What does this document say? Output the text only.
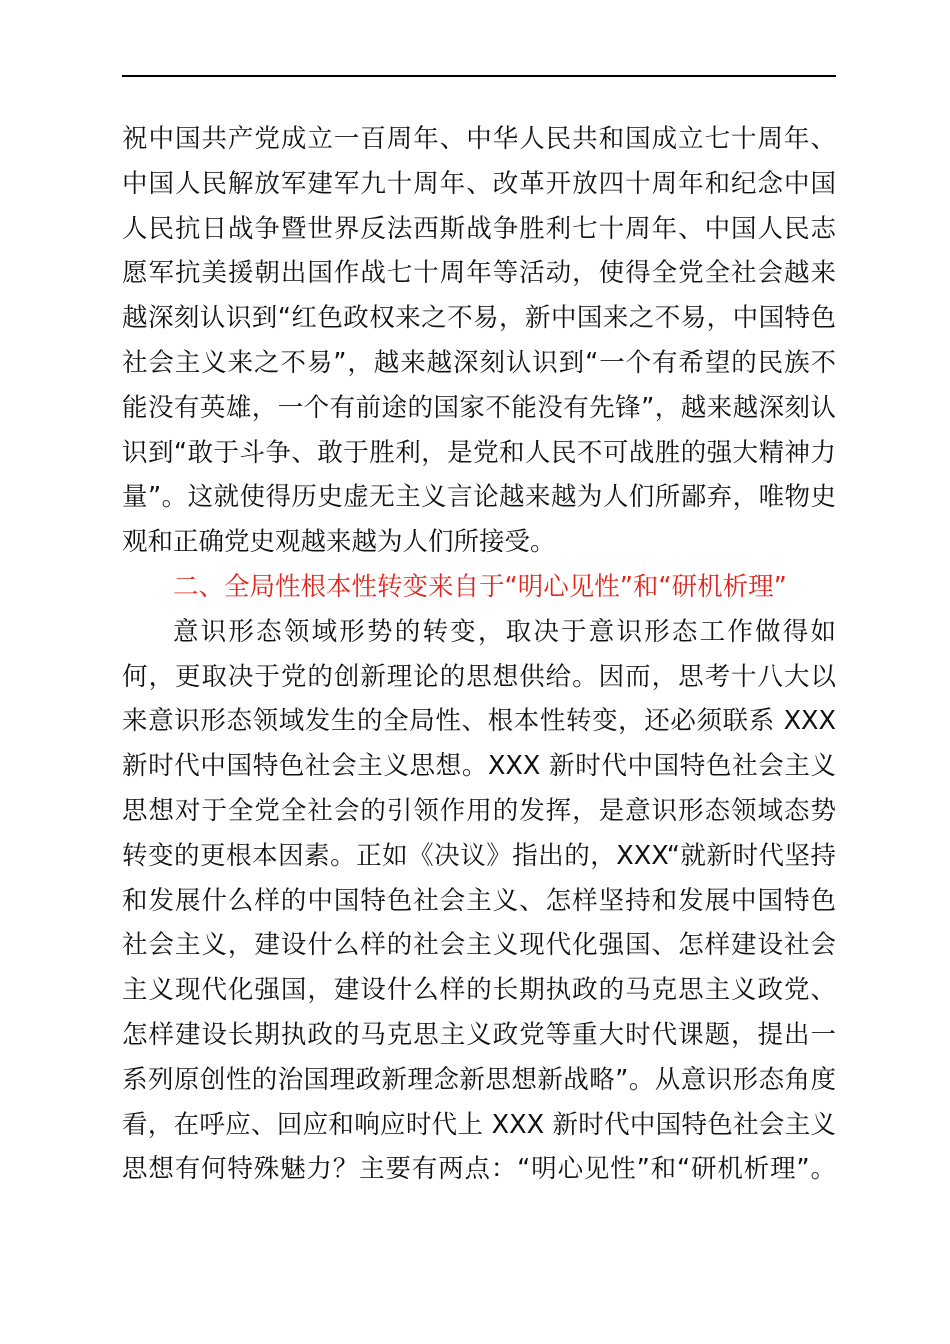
祝中国共产党成立一百周年、中华人民共和国成立七十周年、
中国人民解放军建军九十周年、改革开放四十周年和纪念中国
人民抗日战争暨世界反法西斯战争胜利七十周年、中国人民志
愿军抗美援朝出国作战七十周年等活动，使得全党全社会越来
越深刻认识到“红色政权来之不易，新中国来之不易，中国特色
社会主义来之不易”，越来越深刻认识到“一个有希望的民族不
能没有英雄，一个有前途的国家不能没有先锋”，越来越深刻认
识到“敢于斗争、敢于胜利，是党和人民不可战胜的强大精神力
量”。这就使得历史虚无主义言论越来越为人们所鄙弃，唯物史
观和正确党史观越来越为人们所接受。
二、全局性根本性转变来自于“明心见性”和“研机析理”
意识形态领域形势的转变，取决于意识形态工作做得如
何，更取决于党的创新理论的思想供给。因而，思考十八大以
来意识形态领域发生的全局性、根本性转变，还必须联系 XXX
新时代中国特色社会主义思想。XXX 新时代中国特色社会主义
思想对于全党全社会的引领作用的发挥，是意识形态领域态势
转变的更根本因素。正如《决议》指出的，XXX“就新时代坚持
和发展什么样的中国特色社会主义、怎样坚持和发展中国特色
社会主义，建设什么样的社会主义现代化强国、怎样建设社会
主义现代化强国，建设什么样的长期执政的马克思主义政党、
怎样建设长期执政的马克思主义政党等重大时代课题，提出一
系列原创性的治国理政新理念新思想新战略”。从意识形态角度
看，在呼应、回应和响应时代上 XXX 新时代中国特色社会主义
思想有何特殊魅力？主要有两点：“明心见性”和“研机析理”。
